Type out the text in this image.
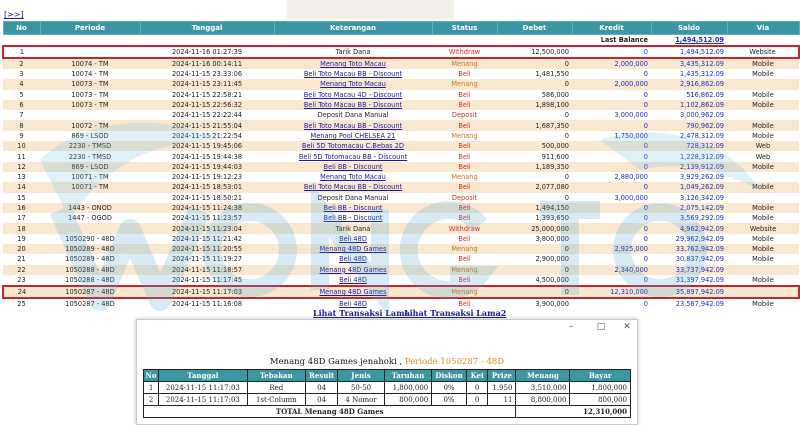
[>>]
No	Periode	Tanggal	Keterangan	Status	Debet	Kredit	Saldo	Via
Last Balance							1,494,512.09	
1		2024-11-16 01:27:39	Tarik Dana	Withdraw	12,500,000	0	1,494,512.09	Website
2	10074 - TM	2024-11-16 00:14:11	Menang Toto Macau	Menang	0	2,000,000	3,435,312.09	Mobile
3	10074 - TM	2024-11-15 23:33:06	Beli Toto Macau BB - Discount	Beli	1,481,550	0	1,435,312.09	Mobile
4	10073 - TM	2024-11-15 23:11:45	Menang Toto Macau	Menang	0	2,000,000	2,916,862.09	
5	10073 - TM	2024-11-15 22:58:21	Beli Toto Macau 4D - Discount	Beli	586,000	0	516,862.09	Mobile
6	10073 - TM	2024-11-15 22:56:32	Beli Toto Macau BB - Discount	Beli	1,898,100	0	1,102,862.09	Mobile
7		2024-11-15 22:22:44	Deposit Dana Manual	Deposit	0	3,000,000	3,000,962.09	
8	10072 - TM	2024-11-15 21:55:04	Beli Toto Macau BB - Discount	Beli	1,687,350	0	790,962.09	Mobile
9	869 - LSOD	2024-11-15 21:22:54	Menang Pool CHELSEA 21	Menang	0	1,750,000	2,478,312.09	Mobile
10	2230 - TMSD	2024-11-15 19:45:06	Beli 5D Totomacau C.Bebas 2D	Beli	500,000	0	728,312.09	Web
11	2230 - TMSD	2024-11-15 19:44:38	Beli 5D Totomacau BB - Discount	Beli	911,600	0	1,228,312.09	Web
12	869 - LSOD	2024-11-15 19:44:03	Beli BB - Discount	Beli	1,189,350	0	2,139,912.09	Mobile
13	10071 - TM	2024-11-15 19:12:23	Menang Toto Macau	Menang	0	2,880,000	3,929,262.09	
14	10071 - TM	2024-11-15 18:53:01	Beli Toto Macau BB - Discount	Beli	2,077,080	0	1,049,262.09	Mobile
15		2024-11-15 18:50:21	Deposit Dana Manual	Deposit	0	3,000,000	3,126,342.09	
16	1443 - ONOD	2024-11-15 11:24:38	Beli BB - Discount	Beli	1,494,150	0	2,075,142.09	Mobile
17	1447 - OGOD	2024-11-15 11:23:57	Beli BB - Discount	Beli	1,393,650	0	3,569,292.09	Mobile
18		2024-11-15 11:23:04	Tarik Dana	Withdraw	25,000,000	0	4,962,942.09	Website
19	1050290 - 48D	2024-11-15 11:21:42	Beli 48D	Beli	3,800,000	0	29,962,942.09	Mobile
20	1050289 - 48D	2024-11-15 11:20:55	Menang 48D Games	Menang	0	2,925,000	33,762,942.09	Mobile
21	1050289 - 48D	2024-11-15 11:19:27	Beli 48D	Beli	2,900,000	0	30,837,942.09	Mobile
22	1050288 - 48D	2024-11-15 11:18:57	Menang 48D Games	Menang	0	2,340,000	33,737,942.09	
23	1050288 - 48D	2024-11-15 11:17:45	Beli 48D	Beli	4,500,000	0	31,397,942.09	Mobile
24	1050287 - 48D	2024-11-15 11:17:03	Menang 48D Games	Menang	0	12,310,000	35,897,942.09	
25	1050287 - 48D	2024-11-15 11:16:08	Beli 48D	Beli	3,900,000	0	23,587,942.09	Mobile
Lihat Transaksi Lama
Lihat Transaksi Lama2
–	□	✕
Menang 48D Games jenahoki , Periode 1050287 - 48D
No	Tanggal	Tebakan	Result	Jenis	Taruhan	Diskon	Kei	Prize	Menang	Bayar
1	2024-11-15 11:17:03	Red	04	50-50	1,800,000	0%	0	1.950	3,510,000	1,800,000
2	2024-11-15 11:17:03	1st-Column	04	4 Nomor	800,000	0%	0	11	8,800,000	800,000
TOTAL Menang 48D Games									12,310,000	
